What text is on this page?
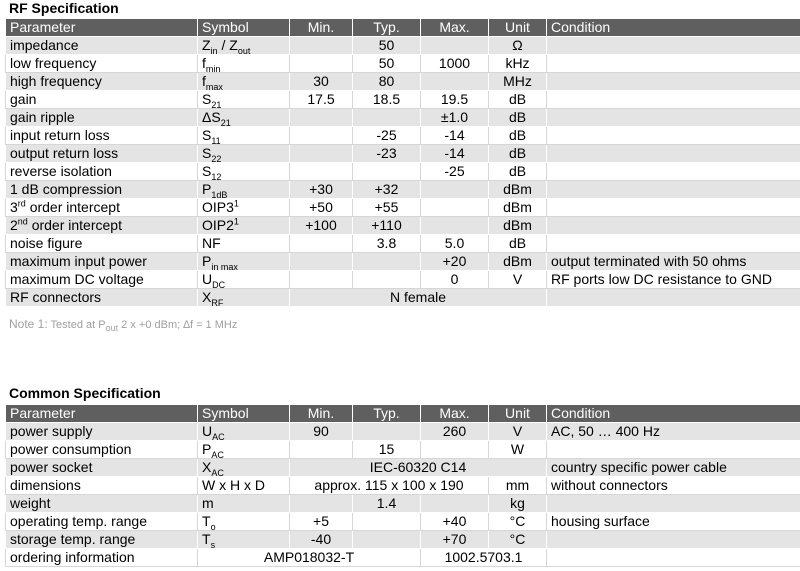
RF Specification
Parameter	Symbol	Min.	Typ.	Max.	Unit	Condition
impedance	$Z_{in} / Z_{out}$		50		Ω	
low frequency	$f_{min}$		50	1000	kHz	
high frequency	$f_{max}$	30	80		MHz	
gain	$S_{21}$	17.5	18.5	19.5	dB	
gain ripple	$\Delta S_{21}$			±1.0	dB	
input return loss	$S_{11}$		-25	-14	dB	
output return loss	$S_{22}$		-23	-14	dB	
reverse isolation	$S_{12}$			-25	dB	
1 dB compression	$P_{1dB}$	+30	+32		dBm	
3rd order intercept	$OIP3^1$	+50	+55		dBm	
2nd order intercept	$OIP2^1$	+100	+110		dBm	
noise figure	NF		3.8	5.0	dB	
maximum input power	$P_{in max}$			+20	dBm	output terminated with 50 ohms
maximum DC voltage	$U_{DC}$			0	V	RF ports low DC resistance to GND
RF connectors	$X_{RF}$	N female				
Note 1: Tested at $P_{out}$ 2 x +0 dBm; ∆f = 1 MHz
Common Specification
Parameter	Symbol	Min.	Typ.	Max.	Unit	Condition
power supply	$U_{AC}$	90		260	V	AC, 50 … 400 Hz
power consumption	$P_{AC}$		15		W	
power socket	$X_{AC}$	IEC-60320 C14				country specific power cable
dimensions	W x H x D	approx. 115 x 100 x 190			mm	without connectors
weight	m		1.4		kg	
operating temp. range	$T_o$	+5		+40	°C	housing surface
storage temp. range	$T_s$	-40		+70	°C	
ordering information	AMP018032-T			1002.5703.1		
